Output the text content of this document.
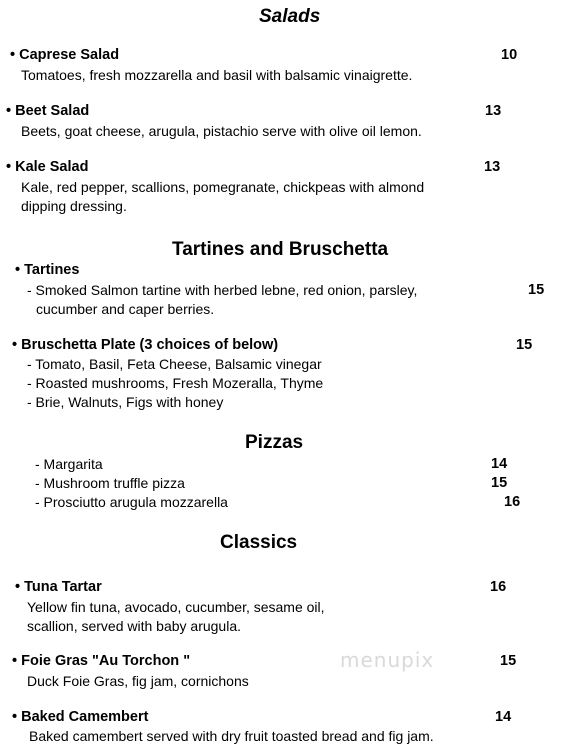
Salads
• Caprese Salad	10
Tomatoes, fresh mozzarella and basil with balsamic vinaigrette.
• Beet Salad	13
Beets, goat cheese, arugula, pistachio serve with olive oil lemon.
• Kale Salad	13
Kale, red pepper, scallions, pomegranate, chickpeas with almond
dipping dressing.
Tartines and Bruschetta
• Tartines
15
- Smoked Salmon tartine with herbed lebne, red onion, parsley,
cucumber and caper berries.
• Bruschetta Plate (3 choices of below)	15
- Tomato, Basil, Feta Cheese, Balsamic vinegar
- Roasted mushrooms, Fresh Mozeralla, Thyme
- Brie, Walnuts, Figs with honey
Pizzas
- Margarita	14
- Mushroom truffle pizza	15
- Prosciutto arugula mozzarella	16
Classics
• Tuna Tartar	16
Yellow fin tuna, avocado, cucumber, sesame oil,
scallion, served with baby arugula.
• Foie Gras "Au Torchon "	15
Duck Foie Gras, fig jam, cornichons
• Baked Camembert	14
Baked camembert served with dry fruit toasted bread and fig jam.
menupix
